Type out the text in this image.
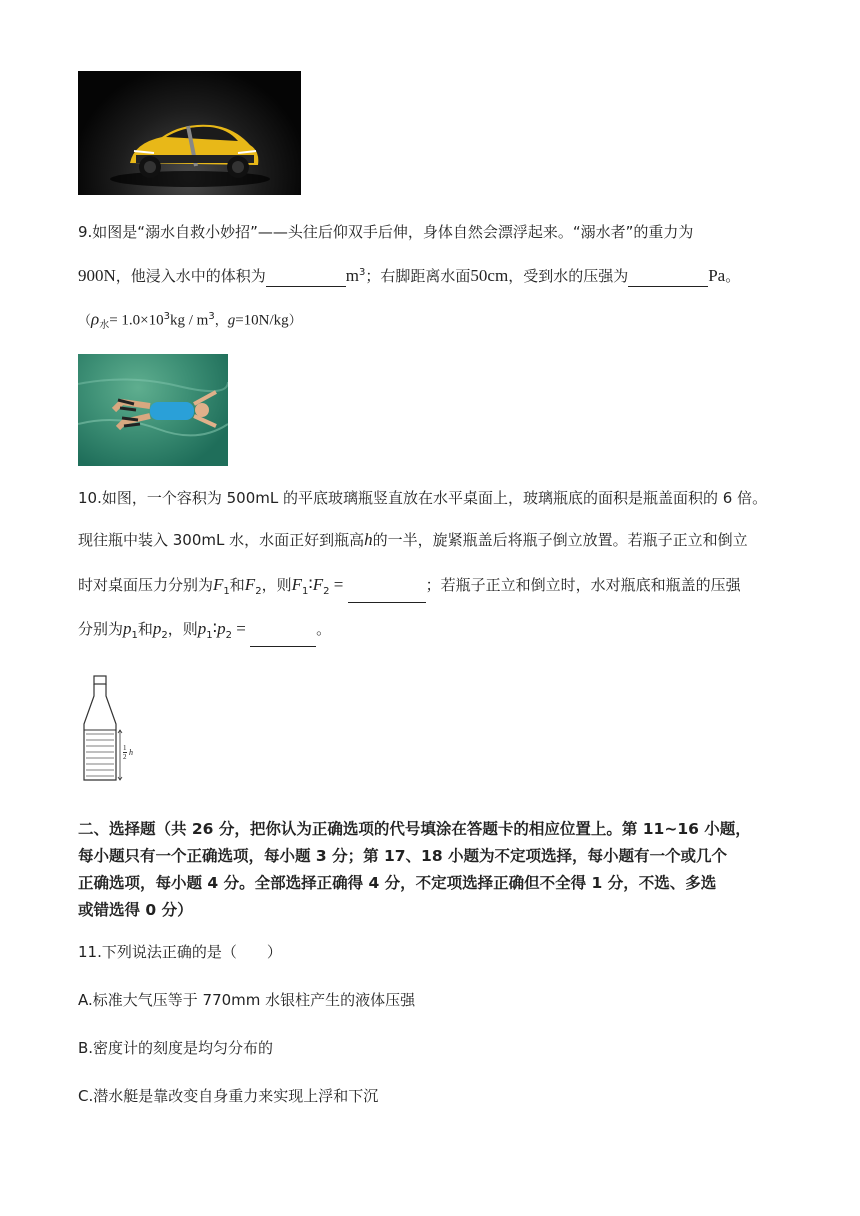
9.如图是“溺水自救小妙招”——头往后仰双手后伸，身体自然会漂浮起来。“溺水者”的重力为
900N，他浸入水中的体积为	$m^3$；右脚距离水面50cm，受到水的压强为	Pa。
（$\rho_水= 1.0\times 10^3kg / m^3$，g=10N/kg）
10.如图，一个容积为 500mL 的平底玻璃瓶竖直放在水平桌面上，玻璃瓶底的面积是瓶盖面积的 6 倍。
现往瓶中装入 300mL 水，水面正好到瓶高h的一半，旋紧瓶盖后将瓶子倒立放置。若瓶子正立和倒立
时对桌面压力分别为$F_1$和$F_2$，则$F_1∶F_2$ =	；若瓶子正立和倒立时，水对瓶底和瓶盖的压强
分别为$p_1$和$p_2$，则$p_1∶p_2$ =	。
$\frac{1}{2}$ h
二、选择题（共 26 分，把你认为正确选项的代号填涂在答题卡的相应位置上。第 11~16 小题，
每小题只有一个正确选项，每小题 3 分；第 17、18 小题为不定项选择，每小题有一个或几个
正确选项，每小题 4 分。全部选择正确得 4 分，不定项选择正确但不全得 1 分，不选、多选
或错选得 0 分）
11.下列说法正确的是（　　）
A.标准大气压等于 770mm 水银柱产生的液体压强
B.密度计的刻度是均匀分布的
C.潜水艇是靠改变自身重力来实现上浮和下沉
